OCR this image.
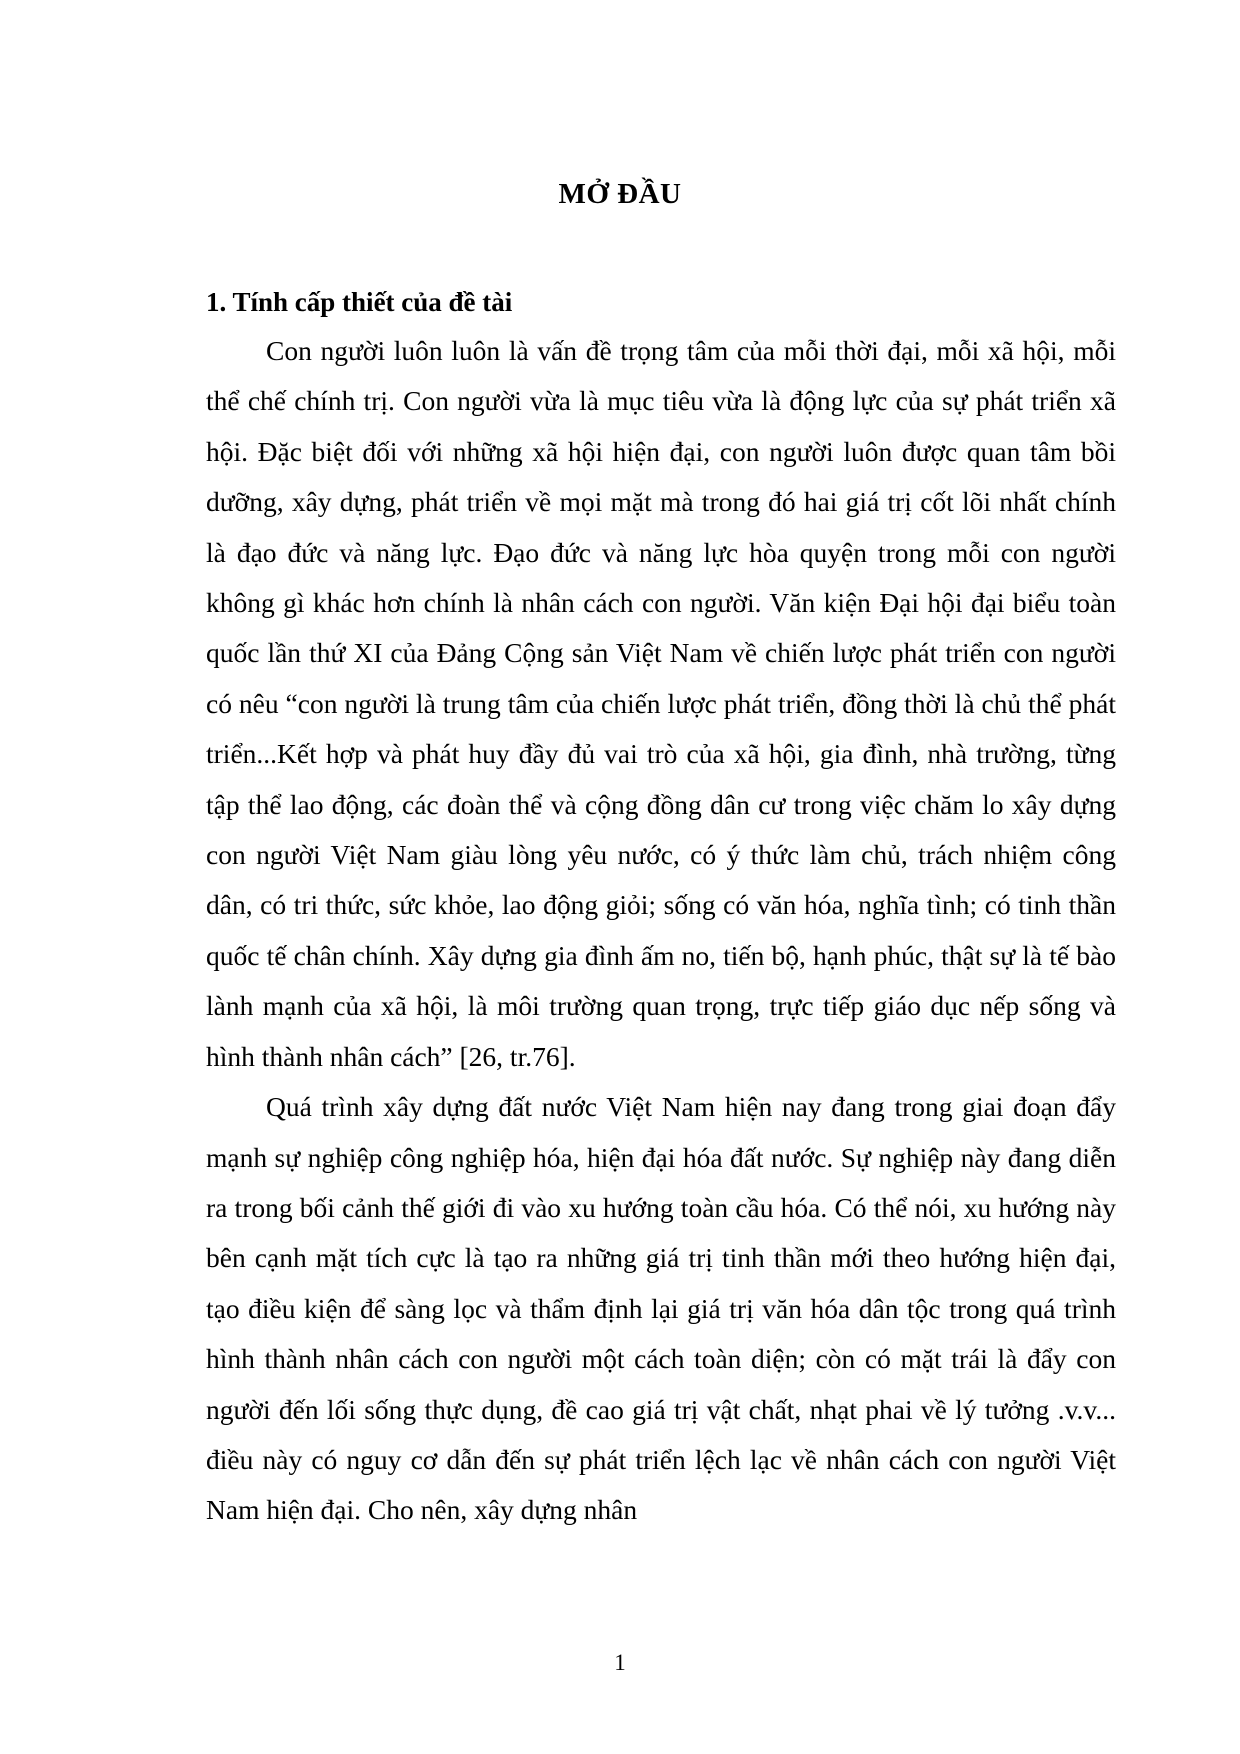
MỞ ĐẦU
1. Tính cấp thiết của đề tài

Con người luôn luôn là vấn đề trọng tâm của mỗi thời đại, mỗi xã hội, mỗi thể chế chính trị. Con người vừa là mục tiêu vừa là động lực của sự phát triển xã hội. Đặc biệt đối với những xã hội hiện đại, con người luôn được quan tâm bồi dưỡng, xây dựng, phát triển về mọi mặt mà trong đó hai giá trị cốt lõi nhất chính là đạo đức và năng lực. Đạo đức và năng lực hòa quyện trong mỗi con người không gì khác hơn chính là nhân cách con người. Văn kiện Đại hội đại biểu toàn quốc lần thứ XI của Đảng Cộng sản Việt Nam về chiến lược phát triển con người có nêu “con người là trung tâm của chiến lược phát triển, đồng thời là chủ thể phát triển...Kết hợp và phát huy đầy đủ vai trò của xã hội, gia đình, nhà trường, từng tập thể lao động, các đoàn thể và cộng đồng dân cư trong việc chăm lo xây dựng con người Việt Nam giàu lòng yêu nước, có ý thức làm chủ, trách nhiệm công dân, có tri thức, sức khỏe, lao động giỏi; sống có văn hóa, nghĩa tình; có tinh thần quốc tế chân chính. Xây dựng gia đình ấm no, tiến bộ, hạnh phúc, thật sự là tế bào lành mạnh của xã hội, là môi trường quan trọng, trực tiếp giáo dục nếp sống và hình thành nhân cách” [26, tr.76].

Quá trình xây dựng đất nước Việt Nam hiện nay đang trong giai đoạn đẩy mạnh sự nghiệp công nghiệp hóa, hiện đại hóa đất nước. Sự nghiệp này đang diễn ra trong bối cảnh thế giới đi vào xu hướng toàn cầu hóa. Có thể nói, xu hướng này bên cạnh mặt tích cực là tạo ra những giá trị tinh thần mới theo hướng hiện đại, tạo điều kiện để sàng lọc và thẩm định lại giá trị văn hóa dân tộc trong quá trình hình thành nhân cách con người một cách toàn diện; còn có mặt trái là đẩy con người đến lối sống thực dụng, đề cao giá trị vật chất, nhạt phai về lý tưởng .v.v... điều này có nguy cơ dẫn đến sự phát triển lệch lạc về nhân cách con người Việt Nam hiện đại. Cho nên, xây dựng nhân

1
